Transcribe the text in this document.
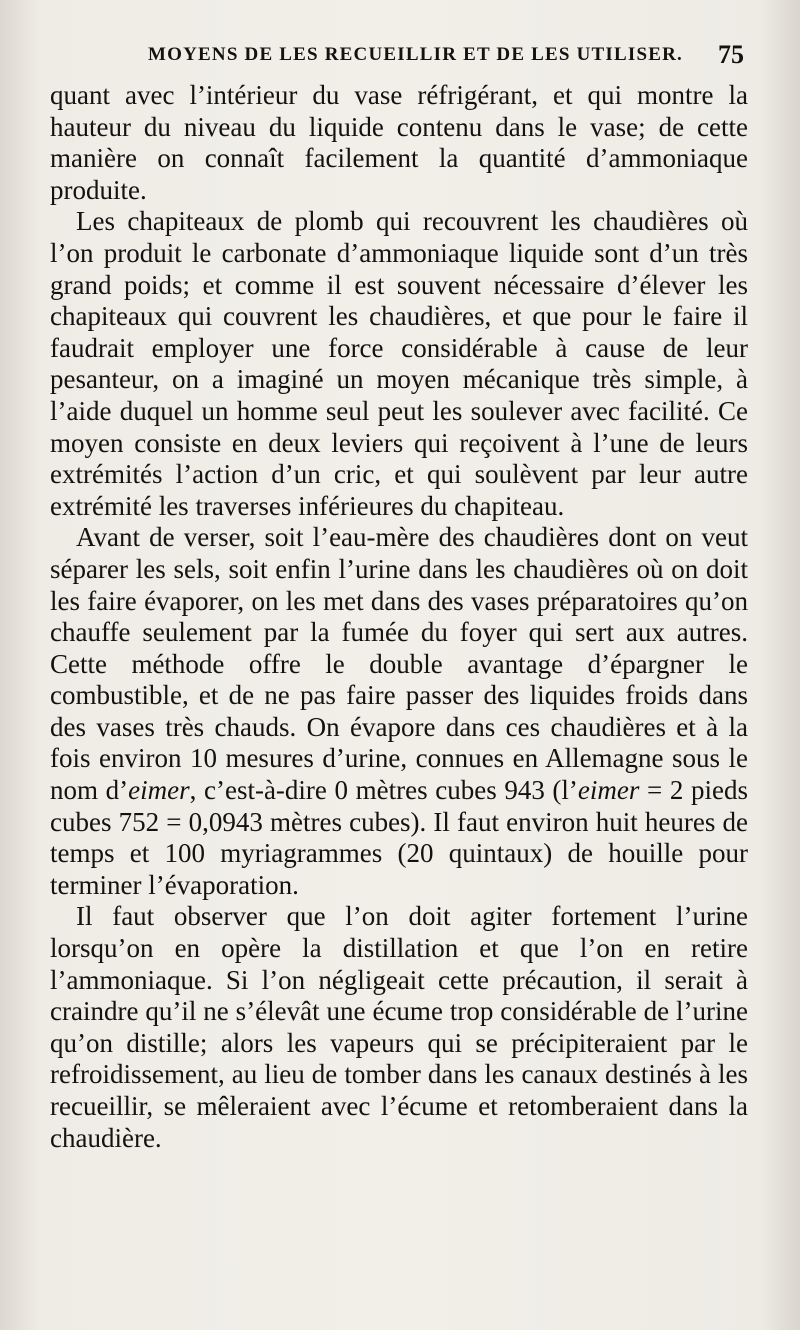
MOYENS DE LES RECUEILLIR ET DE LES UTILISER. 75

quant avec l’intérieur du vase réfrigérant, et qui montre la hauteur du niveau du liquide contenu dans le vase; de cette manière on connaît facilement la quantité d’ammoniaque produite.

Les chapiteaux de plomb qui recouvrent les chaudières où l’on produit le carbonate d’ammoniaque liquide sont d’un très grand poids; et comme il est souvent nécessaire d’élever les chapiteaux qui couvrent les chaudières, et que pour le faire il faudrait employer une force considérable à cause de leur pesanteur, on a imaginé un moyen mécanique très simple, à l’aide duquel un homme seul peut les soulever avec facilité. Ce moyen consiste en deux leviers qui reçoivent à l’une de leurs extrémités l’action d’un cric, et qui soulèvent par leur autre extrémité les traverses inférieures du chapiteau.

Avant de verser, soit l’eau-mère des chaudières dont on veut séparer les sels, soit enfin l’urine dans les chaudières où on doit les faire évaporer, on les met dans des vases préparatoires qu’on chauffe seulement par la fumée du foyer qui sert aux autres. Cette méthode offre le double avantage d’épargner le combustible, et de ne pas faire passer des liquides froids dans des vases très chauds. On évapore dans ces chaudières et à la fois environ 10 mesures d’urine, connues en Allemagne sous le nom d’eimer, c’est-à-dire 0 mètres cubes 943 (l’eimer = 2 pieds cubes 752 = 0,0943 mètres cubes). Il faut environ huit heures de temps et 100 myriagrammes (20 quintaux) de houille pour terminer l’évaporation.

Il faut observer que l’on doit agiter fortement l’urine lorsqu’on en opère la distillation et que l’on en retire l’ammoniaque. Si l’on négligeait cette précaution, il serait à craindre qu’il ne s’élevât une écume trop considérable de l’urine qu’on distille; alors les vapeurs qui se précipiteraient par le refroidissement, au lieu de tomber dans les canaux destinés à les recueillir, se mêleraient avec l’écume et retomberaient dans la chaudière.
